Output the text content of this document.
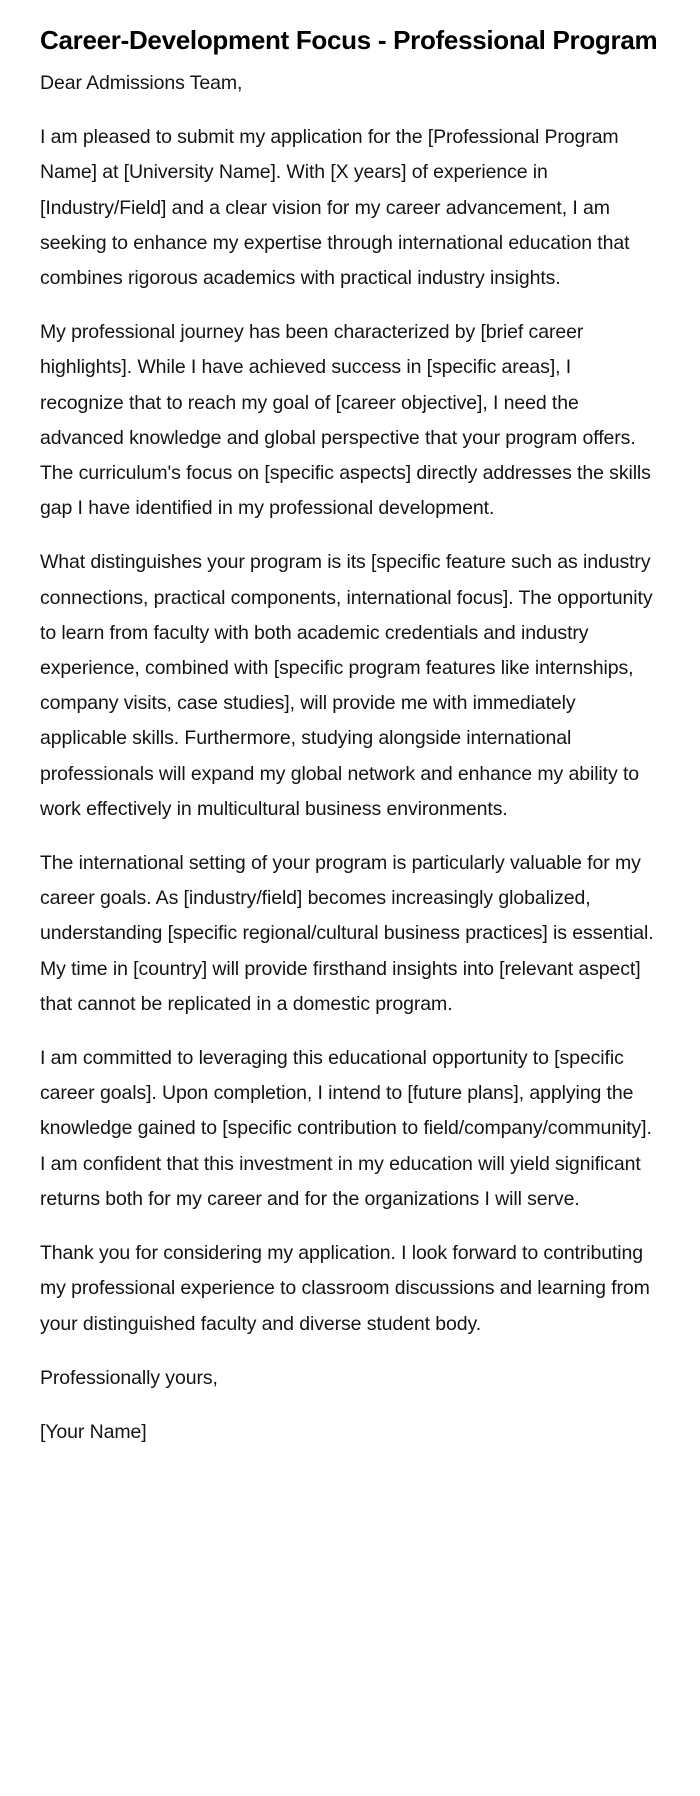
Career-Development Focus - Professional Program

Dear Admissions Team,

I am pleased to submit my application for the [Professional Program Name] at [University Name]. With [X years] of experience in [Industry/Field] and a clear vision for my career advancement, I am seeking to enhance my expertise through international education that combines rigorous academics with practical industry insights.

My professional journey has been characterized by [brief career highlights]. While I have achieved success in [specific areas], I recognize that to reach my goal of [career objective], I need the advanced knowledge and global perspective that your program offers. The curriculum's focus on [specific aspects] directly addresses the skills gap I have identified in my professional development.

What distinguishes your program is its [specific feature such as industry connections, practical components, international focus]. The opportunity to learn from faculty with both academic credentials and industry experience, combined with [specific program features like internships, company visits, case studies], will provide me with immediately applicable skills. Furthermore, studying alongside international professionals will expand my global network and enhance my ability to work effectively in multicultural business environments.

The international setting of your program is particularly valuable for my career goals. As [industry/field] becomes increasingly globalized, understanding [specific regional/cultural business practices] is essential. My time in [country] will provide firsthand insights into [relevant aspect] that cannot be replicated in a domestic program.

I am committed to leveraging this educational opportunity to [specific career goals]. Upon completion, I intend to [future plans], applying the knowledge gained to [specific contribution to field/company/community]. I am confident that this investment in my education will yield significant returns both for my career and for the organizations I will serve.

Thank you for considering my application. I look forward to contributing my professional experience to classroom discussions and learning from your distinguished faculty and diverse student body.

Professionally yours,

[Your Name]
